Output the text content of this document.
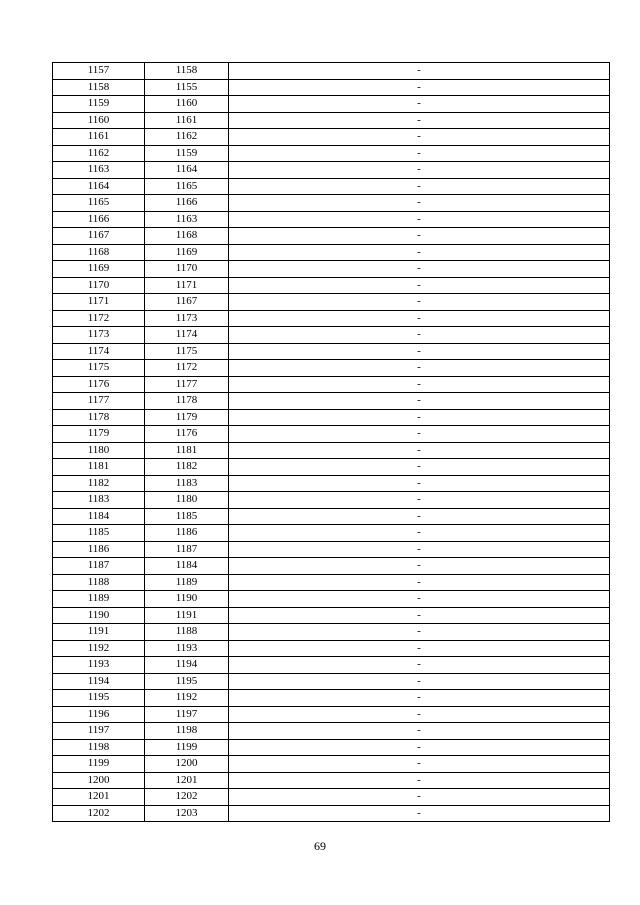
1157	1158	-
1158	1155	-
1159	1160	-
1160	1161	-
1161	1162	-
1162	1159	-
1163	1164	-
1164	1165	-
1165	1166	-
1166	1163	-
1167	1168	-
1168	1169	-
1169	1170	-
1170	1171	-
1171	1167	-
1172	1173	-
1173	1174	-
1174	1175	-
1175	1172	-
1176	1177	-
1177	1178	-
1178	1179	-
1179	1176	-
1180	1181	-
1181	1182	-
1182	1183	-
1183	1180	-
1184	1185	-
1185	1186	-
1186	1187	-
1187	1184	-
1188	1189	-
1189	1190	-
1190	1191	-
1191	1188	-
1192	1193	-
1193	1194	-
1194	1195	-
1195	1192	-
1196	1197	-
1197	1198	-
1198	1199	-
1199	1200	-
1200	1201	-
1201	1202	-
1202	1203	-
69
